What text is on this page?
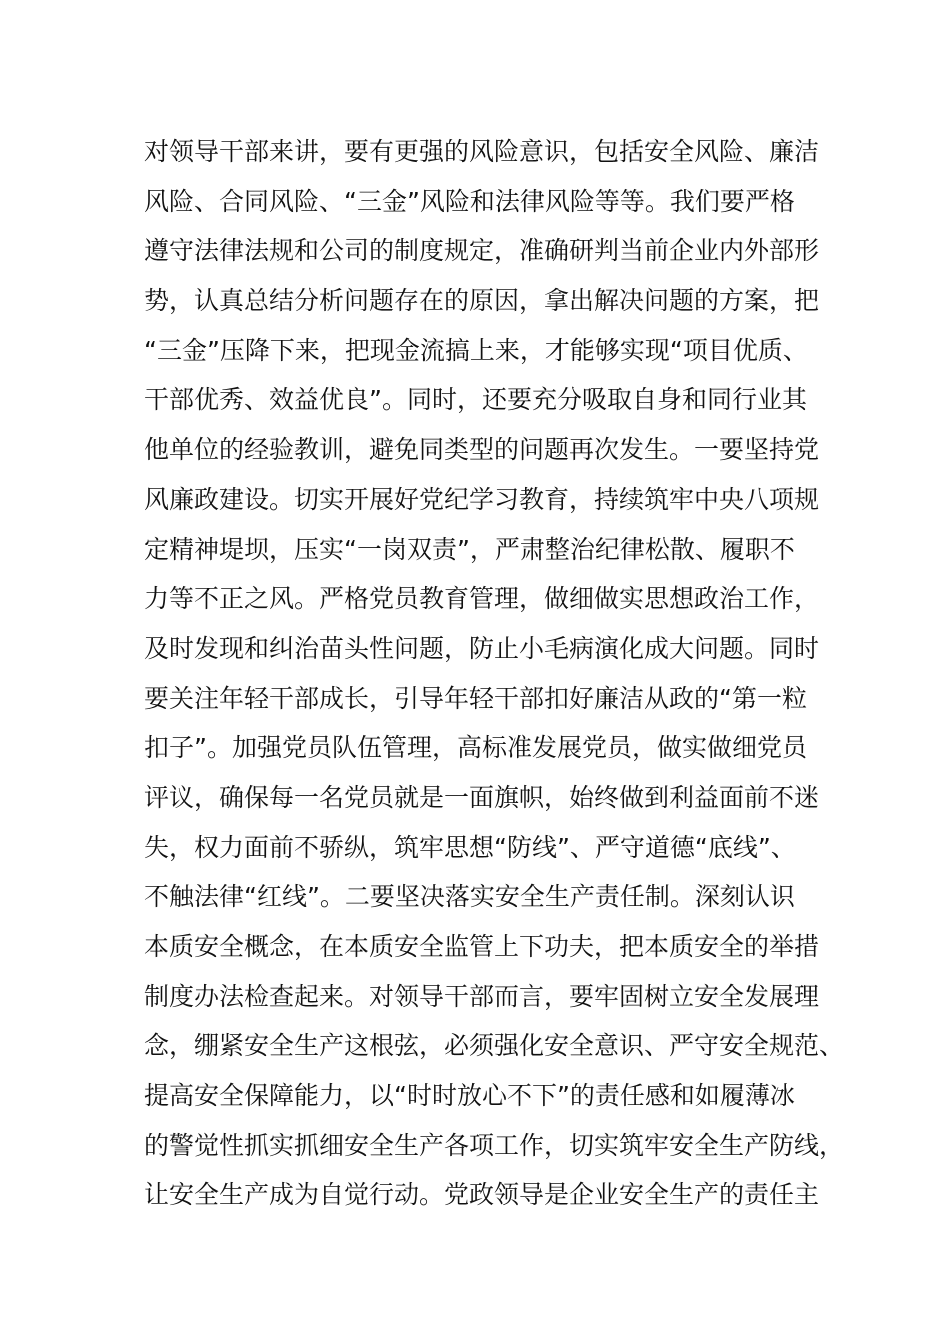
对领导干部来讲，要有更强的风险意识，包括安全风险、廉洁
风险、合同风险、“三金”风险和法律风险等等。我们要严格
遵守法律法规和公司的制度规定，准确研判当前企业内外部形
势，认真总结分析问题存在的原因，拿出解决问题的方案，把
“三金”压降下来，把现金流搞上来，才能够实现“项目优质、
干部优秀、效益优良”。同时，还要充分吸取自身和同行业其
他单位的经验教训，避免同类型的问题再次发生。一要坚持党
风廉政建设。切实开展好党纪学习教育，持续筑牢中央八项规
定精神堤坝，压实“一岗双责”，严肃整治纪律松散、履职不
力等不正之风。严格党员教育管理，做细做实思想政治工作，
及时发现和纠治苗头性问题，防止小毛病演化成大问题。同时
要关注年轻干部成长，引导年轻干部扣好廉洁从政的“第一粒
扣子”。加强党员队伍管理，高标准发展党员，做实做细党员
评议，确保每一名党员就是一面旗帜，始终做到利益面前不迷
失，权力面前不骄纵，筑牢思想“防线”、严守道德“底线”、
不触法律“红线”。二要坚决落实安全生产责任制。深刻认识
本质安全概念，在本质安全监管上下功夫，把本质安全的举措
制度办法检查起来。对领导干部而言，要牢固树立安全发展理
念，绷紧安全生产这根弦，必须强化安全意识、严守安全规范、
提高安全保障能力，以“时时放心不下”的责任感和如履薄冰
的警觉性抓实抓细安全生产各项工作，切实筑牢安全生产防线，
让安全生产成为自觉行动。党政领导是企业安全生产的责任主
